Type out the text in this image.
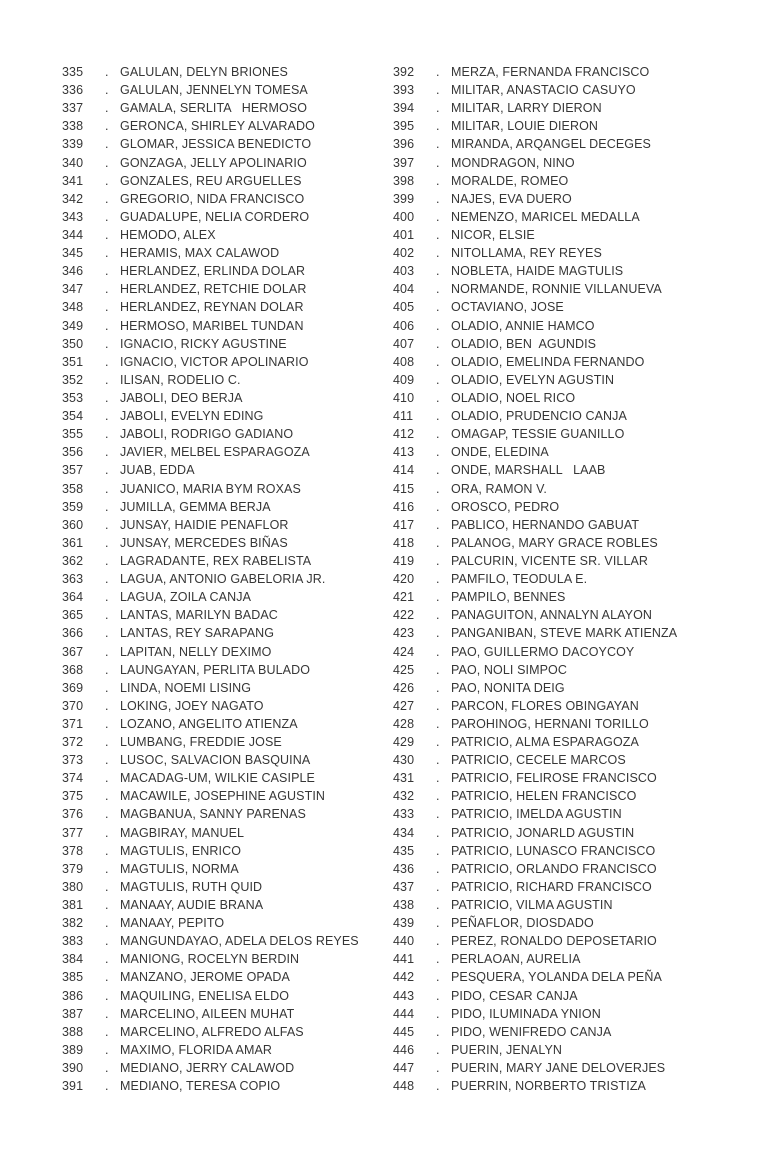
335	. GALULAN, DELYN BRIONES
336	. GALULAN, JENNELYN TOMESA
337	. GAMALA, SERLITA   HERMOSO
338	. GERONCA, SHIRLEY ALVARADO
339	. GLOMAR, JESSICA BENEDICTO
340	. GONZAGA, JELLY APOLINARIO
341	. GONZALES, REU ARGUELLES
342	. GREGORIO, NIDA FRANCISCO
343	. GUADALUPE, NELIA CORDERO
344	. HEMODO, ALEX
345	. HERAMIS, MAX CALAWOD
346	. HERLANDEZ, ERLINDA DOLAR
347	. HERLANDEZ, RETCHIE DOLAR
348	. HERLANDEZ, REYNAN DOLAR
349	. HERMOSO, MARIBEL TUNDAN
350	. IGNACIO, RICKY AGUSTINE
351	. IGNACIO, VICTOR APOLINARIO
352	. ILISAN, RODELIO C.
353	. JABOLI, DEO BERJA
354	. JABOLI, EVELYN EDING
355	. JABOLI, RODRIGO GADIANO
356	. JAVIER, MELBEL ESPARAGOZA
357	. JUAB, EDDA
358	. JUANICO, MARIA BYM ROXAS
359	. JUMILLA, GEMMA BERJA
360	. JUNSAY, HAIDIE PENAFLOR
361	. JUNSAY, MERCEDES BIÑAS
362	. LAGRADANTE, REX RABELISTA
363	. LAGUA, ANTONIO GABELORIA JR.
364	. LAGUA, ZOILA CANJA
365	. LANTAS, MARILYN BADAC
366	. LANTAS, REY SARAPANG
367	. LAPITAN, NELLY DEXIMO
368	. LAUNGAYAN, PERLITA BULADO
369	. LINDA, NOEMI LISING
370	. LOKING, JOEY NAGATO
371	. LOZANO, ANGELITO ATIENZA
372	. LUMBANG, FREDDIE JOSE
373	. LUSOC, SALVACION BASQUINA
374	. MACADAG-UM, WILKIE CASIPLE
375	. MACAWILE, JOSEPHINE AGUSTIN
376	. MAGBANUA, SANNY PARENAS
377	. MAGBIRAY, MANUEL
378	. MAGTULIS, ENRICO
379	. MAGTULIS, NORMA
380	. MAGTULIS, RUTH QUID
381	. MANAAY, AUDIE BRANA
382	. MANAAY, PEPITO
383	. MANGUNDAYAO, ADELA DELOS REYES
384	. MANIONG, ROCELYN BERDIN
385	. MANZANO, JEROME OPADA
386	. MAQUILING, ENELISA ELDO
387	. MARCELINO, AILEEN MUHAT
388	. MARCELINO, ALFREDO ALFAS
389	. MAXIMO, FLORIDA AMAR
390	. MEDIANO, JERRY CALAWOD
391	. MEDIANO, TERESA COPIO
392	. MERZA, FERNANDA FRANCISCO
393	. MILITAR, ANASTACIO CASUYO
394	. MILITAR, LARRY DIERON
395	. MILITAR, LOUIE DIERON
396	. MIRANDA, ARQANGEL DECEGES
397	. MONDRAGON, NINO
398	. MORALDE, ROMEO
399	. NAJES, EVA DUERO
400	. NEMENZO, MARICEL MEDALLA
401	. NICOR, ELSIE
402	. NITOLLAMA, REY REYES
403	. NOBLETA, HAIDE MAGTULIS
404	. NORMANDE, RONNIE VILLANUEVA
405	. OCTAVIANO, JOSE
406	. OLADIO, ANNIE HAMCO
407	. OLADIO, BEN  AGUNDIS
408	. OLADIO, EMELINDA FERNANDO
409	. OLADIO, EVELYN AGUSTIN
410	. OLADIO, NOEL RICO
411	. OLADIO, PRUDENCIO CANJA
412	. OMAGAP, TESSIE GUANILLO
413	. ONDE, ELEDINA
414	. ONDE, MARSHALL   LAAB
415	. ORA, RAMON V.
416	. OROSCO, PEDRO
417	. PABLICO, HERNANDO GABUAT
418	. PALANOG, MARY GRACE ROBLES
419	. PALCURIN, VICENTE SR. VILLAR
420	. PAMFILO, TEODULA E.
421	. PAMPILO, BENNES
422	. PANAGUITON, ANNALYN ALAYON
423	. PANGANIBAN, STEVE MARK ATIENZA
424	. PAO, GUILLERMO DACOYCOY
425	. PAO, NOLI SIMPOC
426	. PAO, NONITA DEIG
427	. PARCON, FLORES OBINGAYAN
428	. PAROHINOG, HERNANI TORILLO
429	. PATRICIO, ALMA ESPARAGOZA
430	. PATRICIO, CECELE MARCOS
431	. PATRICIO, FELIROSE FRANCISCO
432	. PATRICIO, HELEN FRANCISCO
433	. PATRICIO, IMELDA AGUSTIN
434	. PATRICIO, JONARLD AGUSTIN
435	. PATRICIO, LUNASCO FRANCISCO
436	. PATRICIO, ORLANDO FRANCISCO
437	. PATRICIO, RICHARD FRANCISCO
438	. PATRICIO, VILMA AGUSTIN
439	. PEÑAFLOR, DIOSDADO
440	. PEREZ, RONALDO DEPOSETARIO
441	. PERLAOAN, AURELIA
442	. PESQUERA, YOLANDA DELA PEÑA
443	. PIDO, CESAR CANJA
444	. PIDO, ILUMINADA YNION
445	. PIDO, WENIFREDO CANJA
446	. PUERIN, JENALYN
447	. PUERIN, MARY JANE DELOVERJES
448	. PUERRIN, NORBERTO TRISTIZA
